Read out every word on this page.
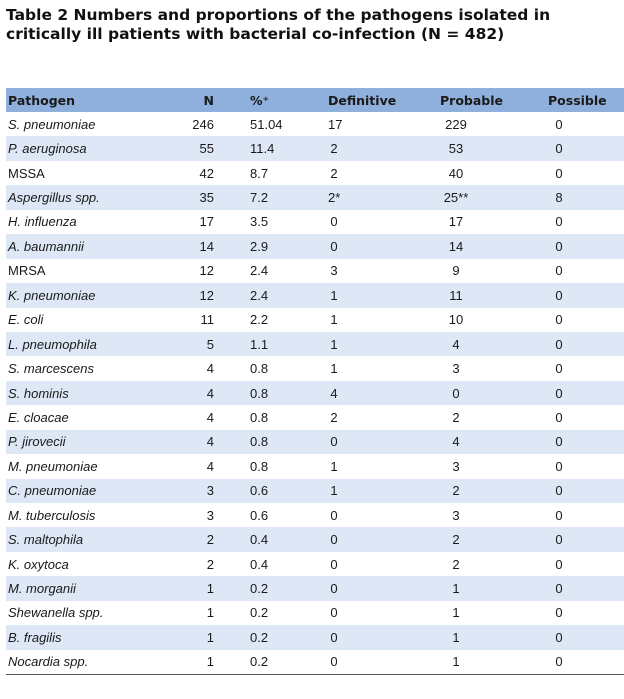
Table 2 Numbers and proportions of the pathogens isolated in critically ill patients with bacterial co-infection (N = 482)
Pathogen	N	%⁺	Definitive	Probable	Possible
S. pneumoniae	246	51.04	17	229	0
P. aeruginosa	55	11.4	2	53	0
MSSA	42	8.7	2	40	0
Aspergillus spp.	35	7.2	2*	25**	8
H. influenza	17	3.5	0	17	0
A. baumannii	14	2.9	0	14	0
MRSA	12	2.4	3	9	0
K. pneumoniae	12	2.4	1	11	0
E. coli	11	2.2	1	10	0
L. pneumophila	5	1.1	1	4	0
S. marcescens	4	0.8	1	3	0
S. hominis	4	0.8	4	0	0
E. cloacae	4	0.8	2	2	0
P. jirovecii	4	0.8	0	4	0
M. pneumoniae	4	0.8	1	3	0
C. pneumoniae	3	0.6	1	2	0
M. tuberculosis	3	0.6	0	3	0
S. maltophila	2	0.4	0	2	0
K. oxytoca	2	0.4	0	2	0
M. morganii	1	0.2	0	1	0
Shewanella spp.	1	0.2	0	1	0
B. fragilis	1	0.2	0	1	0
Nocardia spp.	1	0.2	0	1	0
